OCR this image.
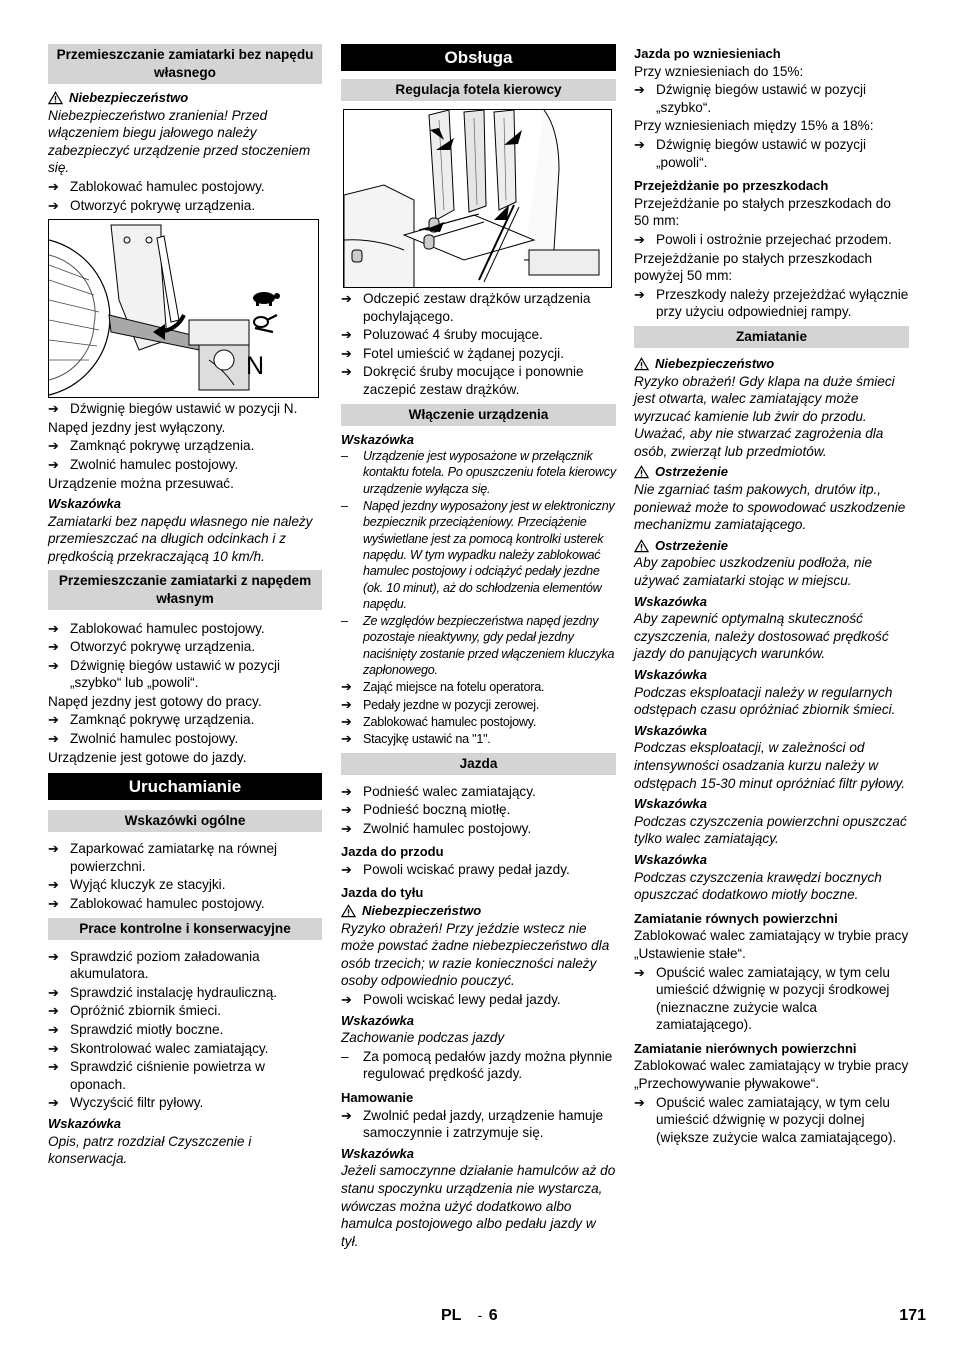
Przemieszczanie zamiatarki bez napędu własnego
Niebezpieczeństwo
Niebezpieczeństwo zranienia! Przed włączeniem biegu jałowego należy zabezpieczyć urządzenie przed stoczeniem się.
➔ Zablokować hamulec postojowy.
➔ Otworzyć pokrywę urządzenia.
N
➔ Dźwignię biegów ustawić w pozycji N.
Napęd jezdny jest wyłączony.
➔ Zamknąć pokrywę urządzenia.
➔ Zwolnić hamulec postojowy.
Urządzenie można przesuwać.
Wskazówka
Zamiatarki bez napędu własnego nie należy przemieszczać na długich odcinkach i z prędkością przekraczającą 10 km/h.
Przemieszczanie zamiatarki z napędem własnym
➔ Zablokować hamulec postojowy.
➔ Otworzyć pokrywę urządzenia.
➔ Dźwignię biegów ustawić w pozycji „szybko“ lub „powoli“.
Napęd jezdny jest gotowy do pracy.
➔ Zamknąć pokrywę urządzenia.
➔ Zwolnić hamulec postojowy.
Urządzenie jest gotowe do jazdy.
Uruchamianie
Wskazówki ogólne
➔ Zaparkować zamiatarkę na równej powierzchni.
➔ Wyjąć kluczyk ze stacyjki.
➔ Zablokować hamulec postojowy.
Prace kontrolne i konserwacyjne
➔ Sprawdzić poziom załadowania akumulatora.
➔ Sprawdzić instalację hydrauliczną.
➔ Opróżnić zbiornik śmieci.
➔ Sprawdzić miotły boczne.
➔ Skontrolować walec zamiatający.
➔ Sprawdzić ciśnienie powietrza w oponach.
➔ Wyczyścić filtr pyłowy.
Wskazówka
Opis, patrz rozdział Czyszczenie i konserwacja.
Obsługa
Regulacja fotela kierowcy
➔ Odczepić zestaw drążków urządzenia pochylającego.
➔ Poluzować 4 śruby mocujące.
➔ Fotel umieścić w żądanej pozycji.
➔ Dokręcić śruby mocujące i ponownie zaczepić zestaw drążków.
Włączenie urządzenia
Wskazówka
–	Urządzenie jest wyposażone w przełącznik kontaktu fotela. Po opuszczeniu fotela kierowcy urządzenie wyłącza się.
–	Napęd jezdny wyposażony jest w elektroniczny bezpiecznik przeciążeniowy. Przeciążenie wyświetlane jest za pomocą kontrolki usterek napędu. W tym wypadku należy zablokować hamulec postojowy i odciążyć pedały jezdne (ok. 10 minut), aż do schłodzenia elementów napędu.
–	Ze względów bezpieczeństwa napęd jezdny pozostaje nieaktywny, gdy pedał jezdny naciśnięty zostanie przed włączeniem kluczyka zapłonowego.
➔ Zająć miejsce na fotelu operatora.
➔ Pedały jezdne w pozycji zerowej.
➔ Zablokować hamulec postojowy.
➔ Stacyjkę ustawić na "1".
Jazda
➔ Podnieść walec zamiatający.
➔ Podnieść boczną miotłę.
➔ Zwolnić hamulec postojowy.
Jazda do przodu
➔ Powoli wciskać prawy pedał jazdy.
Jazda do tyłu
Niebezpieczeństwo
Ryzyko obrażeń! Przy jeździe wstecz nie może powstać żadne niebezpieczeństwo dla osób trzecich; w razie konieczności należy osoby odpowiednio pouczyć.
➔ Powoli wciskać lewy pedał jazdy.
Wskazówka
Zachowanie podczas jazdy
–	Za pomocą pedałów jazdy można płynnie regulować prędkość jazdy.
Hamowanie
➔ Zwolnić pedał jazdy, urządzenie hamuje samoczynnie i zatrzymuje się.
Wskazówka
Jeżeli samoczynne działanie hamulców aż do stanu spoczynku urządzenia nie wystarcza, wówczas można użyć dodatkowo albo hamulca postojowego albo pedału jazdy w tył.
Jazda po wzniesieniach
Przy wzniesieniach do 15%:
➔ Dźwignię biegów ustawić w pozycji „szybko“.
Przy wzniesieniach między 15% a 18%:
➔ Dźwignię biegów ustawić w pozycji „powoli“.
Przejeżdżanie po przeszkodach
Przejeżdżanie po stałych przeszkodach do 50 mm:
➔ Powoli i ostrożnie przejechać przodem.
Przejeżdżanie po stałych przeszkodach powyżej 50 mm:
➔ Przeszkody należy przejeżdżać wyłącznie przy użyciu odpowiedniej rampy.
Zamiatanie
Niebezpieczeństwo
Ryzyko obrażeń! Gdy klapa na duże śmieci jest otwarta, walec zamiatający może wyrzucać kamienie lub żwir do przodu. Uważać, aby nie stwarzać zagrożenia dla osób, zwierząt lub przedmiotów.
Ostrzeżenie
Nie zgarniać taśm pakowych, drutów itp., ponieważ może to spowodować uszkodzenie mechanizmu zamiatającego.
Ostrzeżenie
Aby zapobiec uszkodzeniu podłoża, nie używać zamiatarki stojąc w miejscu.
Wskazówka
Aby zapewnić optymalną skuteczność czyszczenia, należy dostosować prędkość jazdy do panujących warunków.
Wskazówka
Podczas eksploatacji należy w regularnych odstępach czasu opróżniać zbiornik śmieci.
Wskazówka
Podczas eksploatacji, w zależności od intensywności osadzania kurzu należy w odstępach 15-30 minut opróżniać filtr pyłowy.
Wskazówka
Podczas czyszczenia powierzchni opuszczać tylko walec zamiatający.
Wskazówka
Podczas czyszczenia krawędzi bocznych opuszczać dodatkowo miotły boczne.
Zamiatanie równych powierzchni
Zablokować walec zamiatający w trybie pracy „Ustawienie stałe“.
➔ Opuścić walec zamiatający, w tym celu umieścić dźwignię w pozycji środkowej (nieznaczne zużycie walca zamiatającego).
Zamiatanie nierównych powierzchni
Zablokować walec zamiatający w trybie pracy „Przechowywanie pływakowe“.
➔ Opuścić walec zamiatający, w tym celu umieścić dźwignię w pozycji dolnej (większe zużycie walca zamiatającego).
PL - 6	171
